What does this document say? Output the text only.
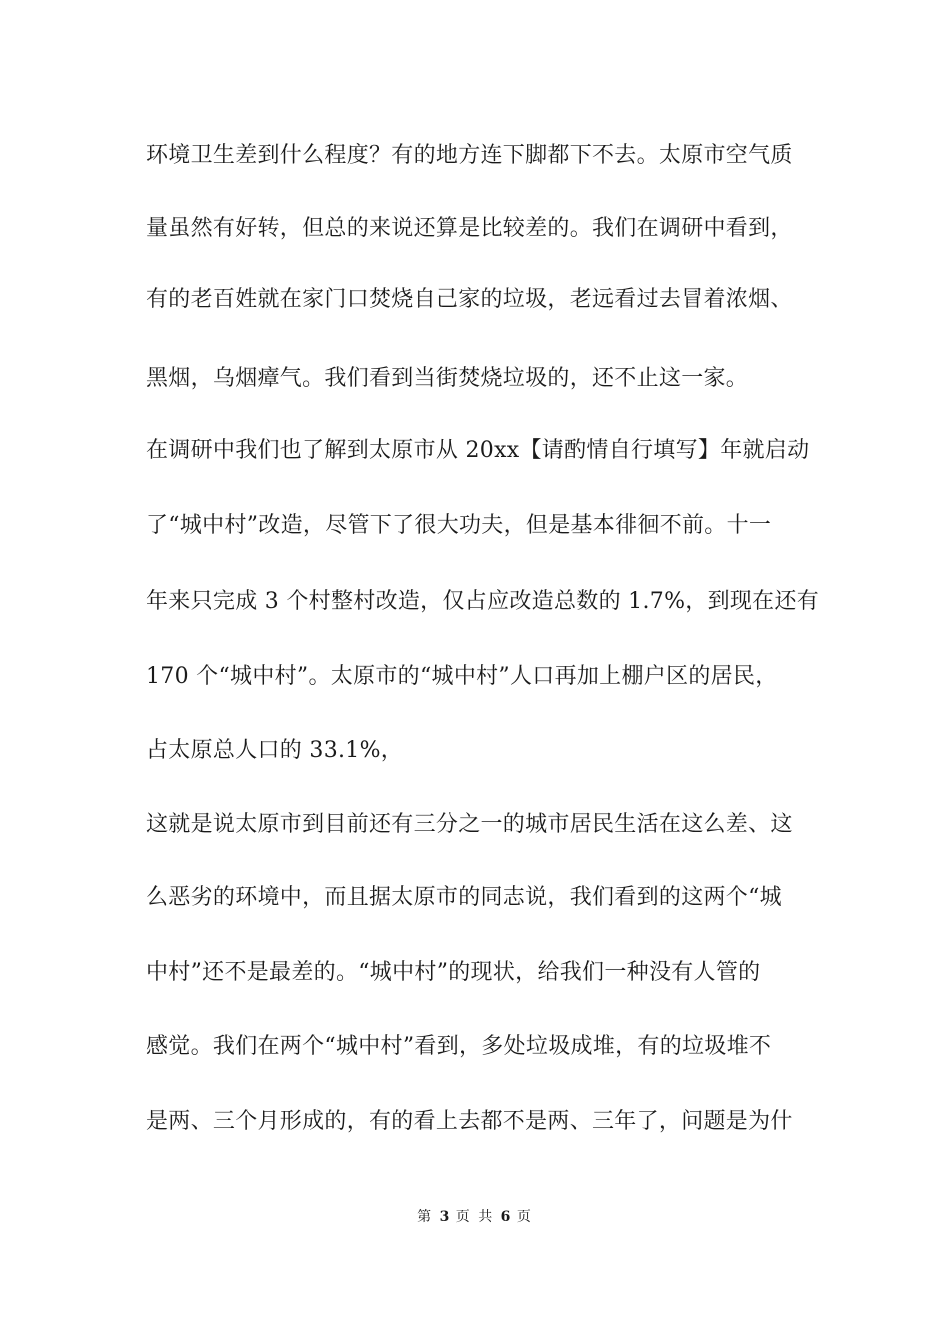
环境卫生差到什么程度？有的地方连下脚都下不去。太原市空气质
量虽然有好转，但总的来说还算是比较差的。我们在调研中看到，
有的老百姓就在家门口焚烧自己家的垃圾，老远看过去冒着浓烟、
黑烟，乌烟瘴气。我们看到当街焚烧垃圾的，还不止这一家。
在调研中我们也了解到太原市从 20xx【请酌情自行填写】年就启动
了“城中村”改造，尽管下了很大功夫，但是基本徘徊不前。十一
年来只完成 3 个村整村改造，仅占应改造总数的 1.7%，到现在还有
170 个“城中村”。太原市的“城中村”人口再加上棚户区的居民，
占太原总人口的 33.1%，
这就是说太原市到目前还有三分之一的城市居民生活在这么差、这
么恶劣的环境中，而且据太原市的同志说，我们看到的这两个“城
中村”还不是最差的。“城中村”的现状，给我们一种没有人管的
感觉。我们在两个“城中村”看到，多处垃圾成堆，有的垃圾堆不
是两、三个月形成的，有的看上去都不是两、三年了，问题是为什
第 3 页 共 6 页
